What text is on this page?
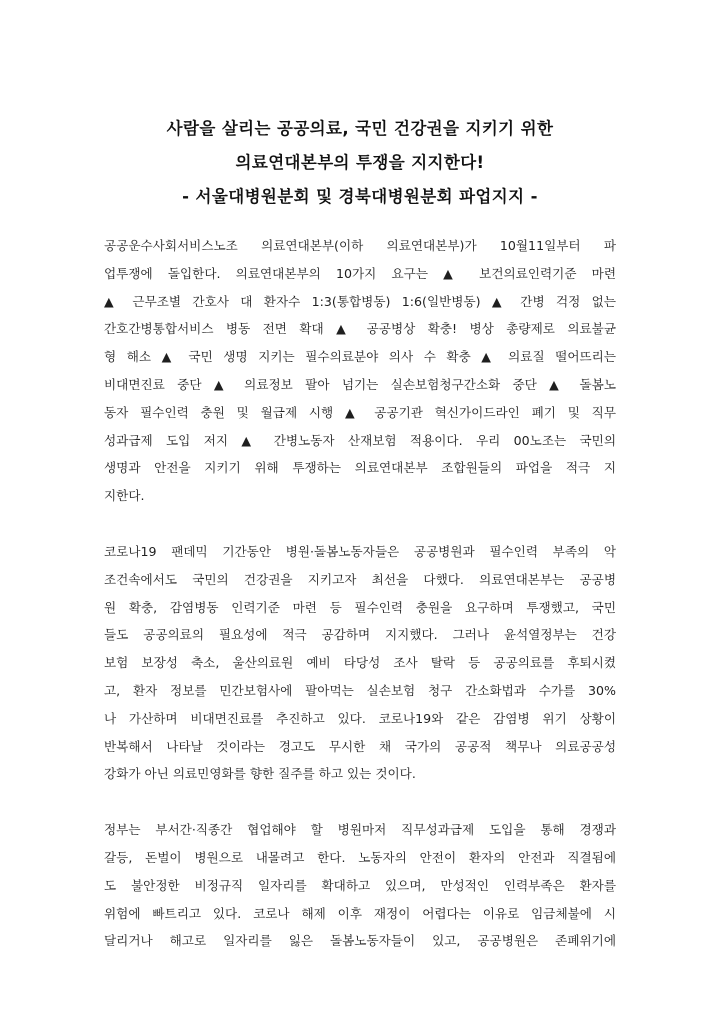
사람을 살리는 공공의료, 국민 건강권을 지키기 위한
의료연대본부의 투쟁을 지지한다!
- 서울대병원분회 및 경북대병원분회 파업지지 -
공공운수사회서비스노조 의료연대본부(이하 의료연대본부)가 10월11일부터 파
업투쟁에 돌입한다. 의료연대본부의 10가지 요구는 ▲ 보건의료인력기준 마련
▲ 근무조별 간호사 대 환자수 1:3(통합병동) 1:6(일반병동) ▲ 간병 걱정 없는
간호간병통합서비스 병동 전면 확대 ▲ 공공병상 확충! 병상 총량제로 의료불균
형 해소 ▲ 국민 생명 지키는 필수의료분야 의사 수 확충 ▲ 의료질 떨어뜨리는
비대면진료 중단 ▲ 의료정보 팔아 넘기는 실손보험청구간소화 중단 ▲ 돌봄노
동자 필수인력 충원 및 월급제 시행 ▲ 공공기관 혁신가이드라인 폐기 및 직무
성과급제 도입 저지 ▲ 간병노동자 산재보험 적용이다. 우리 00노조는 국민의
생명과 안전을 지키기 위해 투쟁하는 의료연대본부 조합원들의 파업을 적극 지
지한다.
코로나19 팬데믹 기간동안 병원·돌봄노동자들은 공공병원과 필수인력 부족의 악
조건속에서도 국민의 건강권을 지키고자 최선을 다했다. 의료연대본부는 공공병
원 확충, 감염병동 인력기준 마련 등 필수인력 충원을 요구하며 투쟁했고, 국민
들도 공공의료의 필요성에 적극 공감하며 지지했다. 그러나 윤석열정부는 건강
보험 보장성 축소, 울산의료원 예비 타당성 조사 탈락 등 공공의료를 후퇴시켰
고, 환자 정보를 민간보험사에 팔아먹는 실손보험 청구 간소화법과 수가를 30%
나 가산하며 비대면진료를 추진하고 있다. 코로나19와 같은 감염병 위기 상황이
반복해서 나타날 것이라는 경고도 무시한 채 국가의 공공적 책무나 의료공공성
강화가 아닌 의료민영화를 향한 질주를 하고 있는 것이다.
정부는 부서간·직종간 협업해야 할 병원마저 직무성과급제 도입을 통해 경쟁과
갈등, 돈벌이 병원으로 내몰려고 한다. 노동자의 안전이 환자의 안전과 직결됨에
도 불안정한 비정규직 일자리를 확대하고 있으며, 만성적인 인력부족은 환자를
위험에 빠트리고 있다. 코로나 해제 이후 재정이 어렵다는 이유로 임금체불에 시
달리거나 해고로 일자리를 잃은 돌봄노동자들이 있고, 공공병원은 존폐위기에
